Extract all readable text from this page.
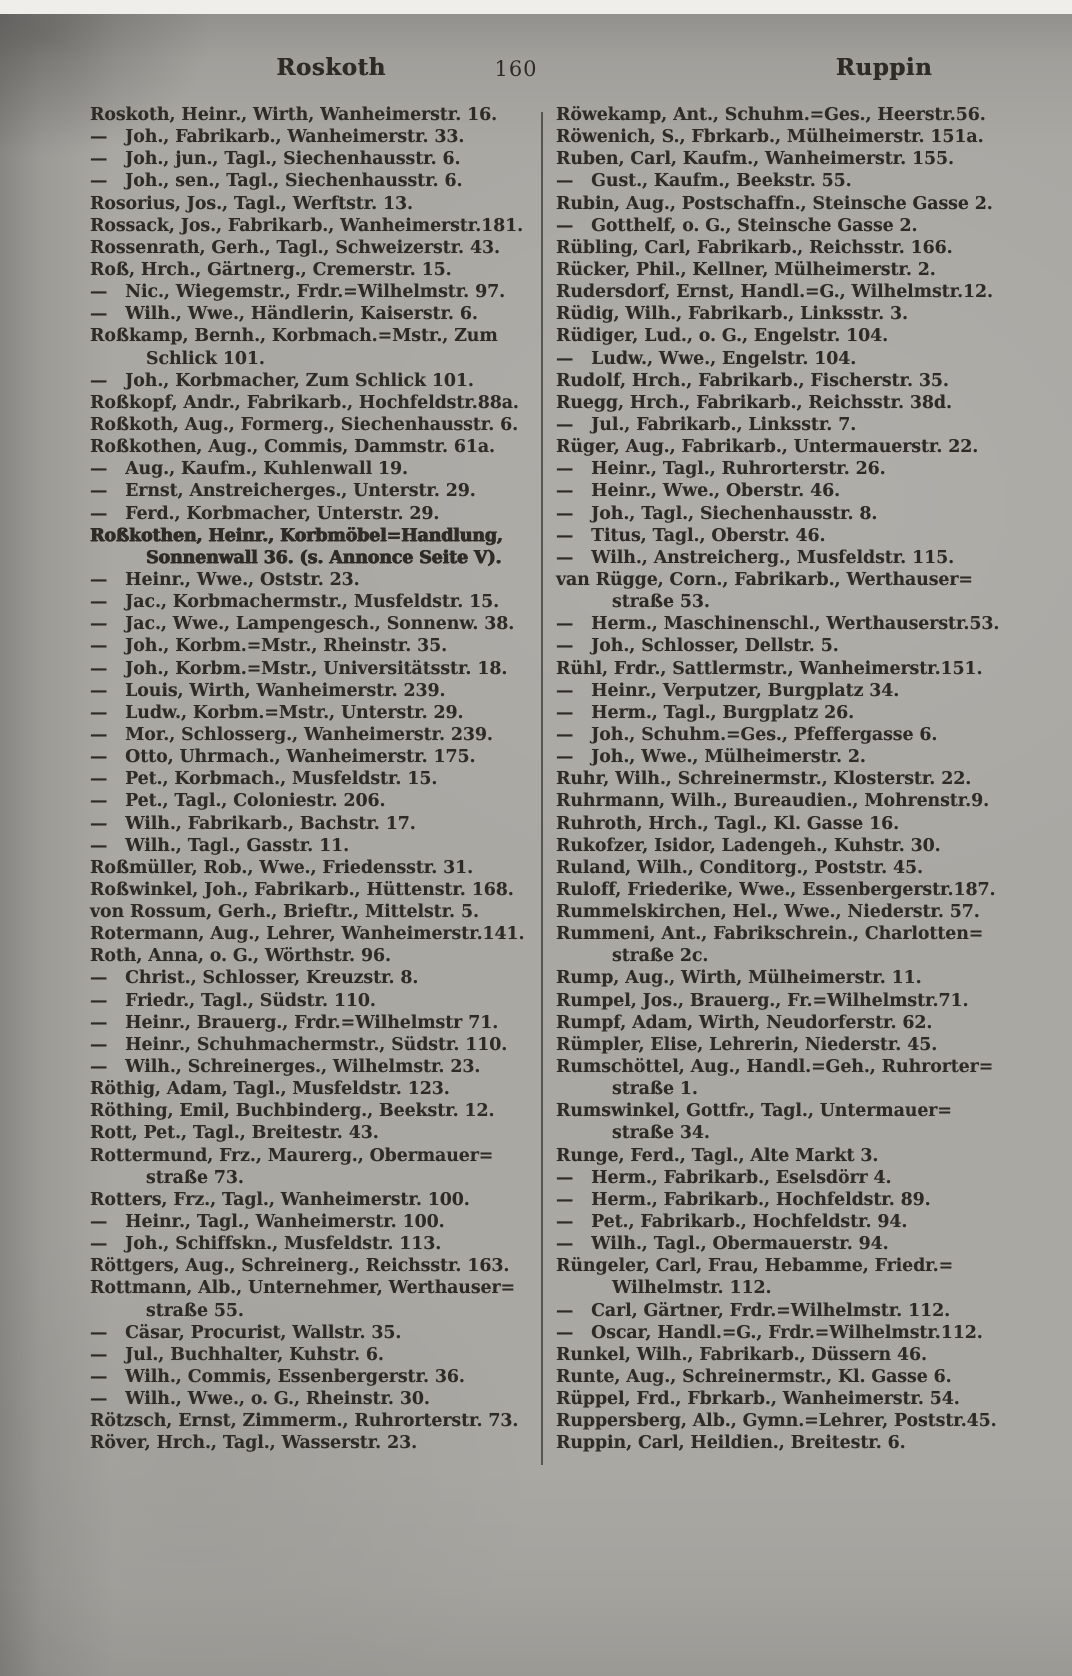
Roskoth	160	Ruppin
Roskoth, Heinr., Wirth, Wanheimerstr. 16.
—   Joh., Fabrikarb., Wanheimerstr. 33.
—   Joh., jun., Tagl., Siechenhausstr. 6.
—   Joh., sen., Tagl., Siechenhausstr. 6.
Rosorius, Jos., Tagl., Werftstr. 13.
Rossack, Jos., Fabrikarb., Wanheimerstr.181.
Rossenrath, Gerh., Tagl., Schweizerstr. 43.
Roß, Hrch., Gärtnerg., Cremerstr. 15.
—   Nic., Wiegemstr., Frdr.=Wilhelmstr. 97.
—   Wilh., Wwe., Händlerin, Kaiserstr. 6.
Roßkamp, Bernh., Korbmach.=Mstr., Zum
Schlick 101.
—   Joh., Korbmacher, Zum Schlick 101.
Roßkopf, Andr., Fabrikarb., Hochfeldstr.88a.
Roßkoth, Aug., Formerg., Siechenhausstr. 6.
Roßkothen, Aug., Commis, Dammstr. 61a.
—   Aug., Kaufm., Kuhlenwall 19.
—   Ernst, Anstreicherges., Unterstr. 29.
—   Ferd., Korbmacher, Unterstr. 29.
Roßkothen, Heinr., Korbmöbel=Handlung,
Sonnenwall 36. (s. Annonce Seite V).
—   Heinr., Wwe., Oststr. 23.
—   Jac., Korbmachermstr., Musfeldstr. 15.
—   Jac., Wwe., Lampengesch., Sonnenw. 38.
—   Joh., Korbm.=Mstr., Rheinstr. 35.
—   Joh., Korbm.=Mstr., Universitätsstr. 18.
—   Louis, Wirth, Wanheimerstr. 239.
—   Ludw., Korbm.=Mstr., Unterstr. 29.
—   Mor., Schlosserg., Wanheimerstr. 239.
—   Otto, Uhrmach., Wanheimerstr. 175.
—   Pet., Korbmach., Musfeldstr. 15.
—   Pet., Tagl., Coloniestr. 206.
—   Wilh., Fabrikarb., Bachstr. 17.
—   Wilh., Tagl., Gasstr. 11.
Roßmüller, Rob., Wwe., Friedensstr. 31.
Roßwinkel, Joh., Fabrikarb., Hüttenstr. 168.
von Rossum, Gerh., Brieftr., Mittelstr. 5.
Rotermann, Aug., Lehrer, Wanheimerstr.141.
Roth, Anna, o. G., Wörthstr. 96.
—   Christ., Schlosser, Kreuzstr. 8.
—   Friedr., Tagl., Südstr. 110.
—   Heinr., Brauerg., Frdr.=Wilhelmstr 71.
—   Heinr., Schuhmachermstr., Südstr. 110.
—   Wilh., Schreinerges., Wilhelmstr. 23.
Röthig, Adam, Tagl., Musfeldstr. 123.
Röthing, Emil, Buchbinderg., Beekstr. 12.
Rott, Pet., Tagl., Breitestr. 43.
Rottermund, Frz., Maurerg., Obermauer=
straße 73.
Rotters, Frz., Tagl., Wanheimerstr. 100.
—   Heinr., Tagl., Wanheimerstr. 100.
—   Joh., Schiffskn., Musfeldstr. 113.
Röttgers, Aug., Schreinerg., Reichsstr. 163.
Rottmann, Alb., Unternehmer, Werthauser=
straße 55.
—   Cäsar, Procurist, Wallstr. 35.
—   Jul., Buchhalter, Kuhstr. 6.
—   Wilh., Commis, Essenbergerstr. 36.
—   Wilh., Wwe., o. G., Rheinstr. 30.
Rötzsch, Ernst, Zimmerm., Ruhrorterstr. 73.
Röver, Hrch., Tagl., Wasserstr. 23.
Röwekamp, Ant., Schuhm.=Ges., Heerstr.56.
Röwenich, S., Fbrkarb., Mülheimerstr. 151a.
Ruben, Carl, Kaufm., Wanheimerstr. 155.
—   Gust., Kaufm., Beekstr. 55.
Rubin, Aug., Postschaffn., Steinsche Gasse 2.
—   Gotthelf, o. G., Steinsche Gasse 2.
Rübling, Carl, Fabrikarb., Reichsstr. 166.
Rücker, Phil., Kellner, Mülheimerstr. 2.
Rudersdorf, Ernst, Handl.=G., Wilhelmstr.12.
Rüdig, Wilh., Fabrikarb., Linksstr. 3.
Rüdiger, Lud., o. G., Engelstr. 104.
—   Ludw., Wwe., Engelstr. 104.
Rudolf, Hrch., Fabrikarb., Fischerstr. 35.
Ruegg, Hrch., Fabrikarb., Reichsstr. 38d.
—   Jul., Fabrikarb., Linksstr. 7.
Rüger, Aug., Fabrikarb., Untermauerstr. 22.
—   Heinr., Tagl., Ruhrorterstr. 26.
—   Heinr., Wwe., Oberstr. 46.
—   Joh., Tagl., Siechenhausstr. 8.
—   Titus, Tagl., Oberstr. 46.
—   Wilh., Anstreicherg., Musfeldstr. 115.
van Rügge, Corn., Fabrikarb., Werthauser=
straße 53.
—   Herm., Maschinenschl., Werthauserstr.53.
—   Joh., Schlosser, Dellstr. 5.
Rühl, Frdr., Sattlermstr., Wanheimerstr.151.
—   Heinr., Verputzer, Burgplatz 34.
—   Herm., Tagl., Burgplatz 26.
—   Joh., Schuhm.=Ges., Pfeffergasse 6.
—   Joh., Wwe., Mülheimerstr. 2.
Ruhr, Wilh., Schreinermstr., Klosterstr. 22.
Ruhrmann, Wilh., Bureaudien., Mohrenstr.9.
Ruhroth, Hrch., Tagl., Kl. Gasse 16.
Rukofzer, Isidor, Ladengeh., Kuhstr. 30.
Ruland, Wilh., Conditorg., Poststr. 45.
Ruloff, Friederike, Wwe., Essenbergerstr.187.
Rummelskirchen, Hel., Wwe., Niederstr. 57.
Rummeni, Ant., Fabrikschrein., Charlotten=
straße 2c.
Rump, Aug., Wirth, Mülheimerstr. 11.
Rumpel, Jos., Brauerg., Fr.=Wilhelmstr.71.
Rumpf, Adam, Wirth, Neudorferstr. 62.
Rümpler, Elise, Lehrerin, Niederstr. 45.
Rumschöttel, Aug., Handl.=Geh., Ruhrorter=
straße 1.
Rumswinkel, Gottfr., Tagl., Untermauer=
straße 34.
Runge, Ferd., Tagl., Alte Markt 3.
—   Herm., Fabrikarb., Eselsdörr 4.
—   Herm., Fabrikarb., Hochfeldstr. 89.
—   Pet., Fabrikarb., Hochfeldstr. 94.
—   Wilh., Tagl., Obermauerstr. 94.
Rüngeler, Carl, Frau, Hebamme, Friedr.=
Wilhelmstr. 112.
—   Carl, Gärtner, Frdr.=Wilhelmstr. 112.
—   Oscar, Handl.=G., Frdr.=Wilhelmstr.112.
Runkel, Wilh., Fabrikarb., Düssern 46.
Runte, Aug., Schreinermstr., Kl. Gasse 6.
Rüppel, Frd., Fbrkarb., Wanheimerstr. 54.
Ruppersberg, Alb., Gymn.=Lehrer, Poststr.45.
Ruppin, Carl, Heildien., Breitestr. 6.
